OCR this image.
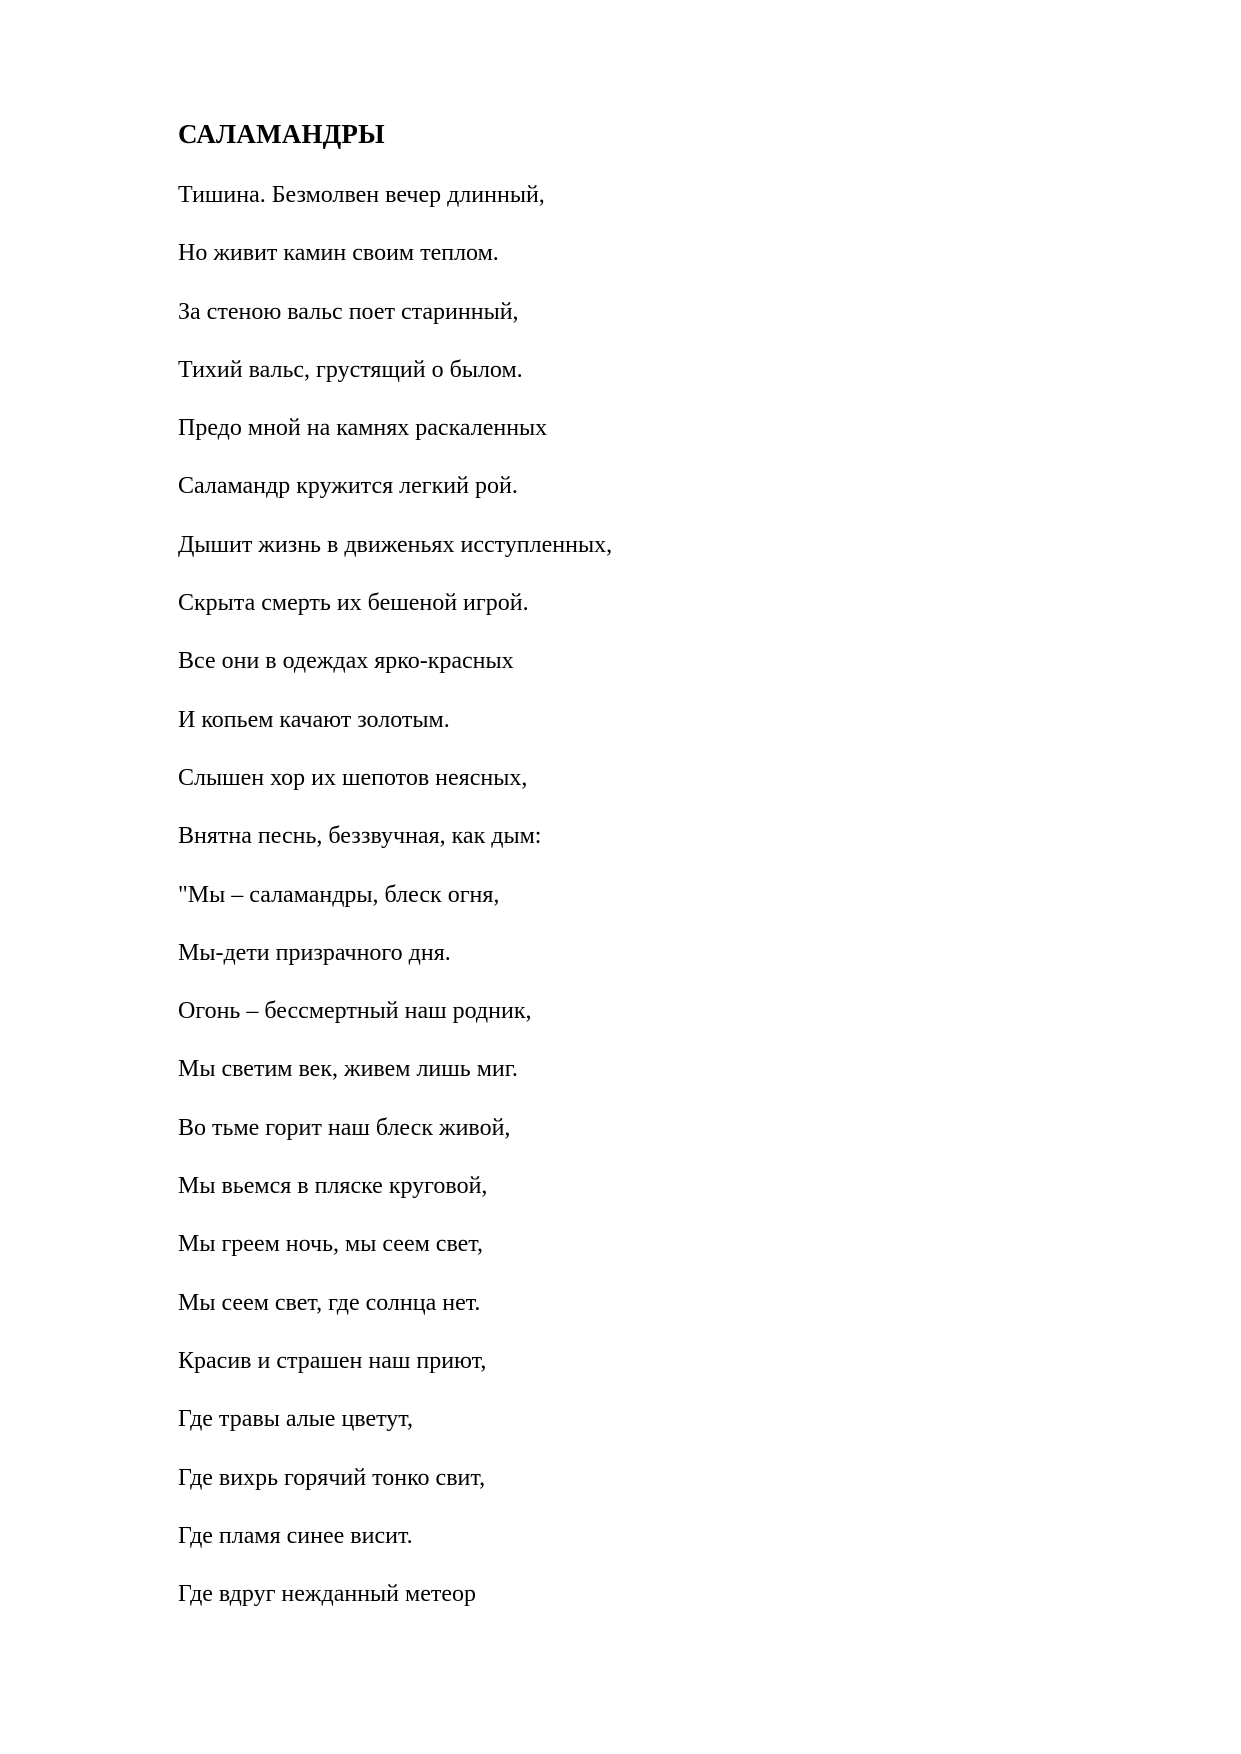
САЛАМАНДРЫ
Тишина. Безмолвен вечер длинный,
Но живит камин своим теплом.
За стеною вальс поет старинный,
Тихий вальс, грустящий о былом.
Предо мной на камнях раскаленных
Саламандр кружится легкий рой.
Дышит жизнь в движеньях исступленных,
Скрыта смерть их бешеной игрой.
Все они в одеждах ярко-красных
И копьем качают золотым.
Слышен хор их шепотов неясных,
Внятна песнь, беззвучная, как дым:
"Мы – саламандры, блеск огня,
Мы-дети призрачного дня.
Огонь – бессмертный наш родник,
Мы светим век, живем лишь миг.
Во тьме горит наш блеск живой,
Мы вьемся в пляске круговой,
Мы греем ночь, мы сеем свет,
Мы сеем свет, где солнца нет.
Красив и страшен наш приют,
Где травы алые цветут,
Где вихрь горячий тонко свит,
Где пламя синее висит.
Где вдруг нежданный метеор
